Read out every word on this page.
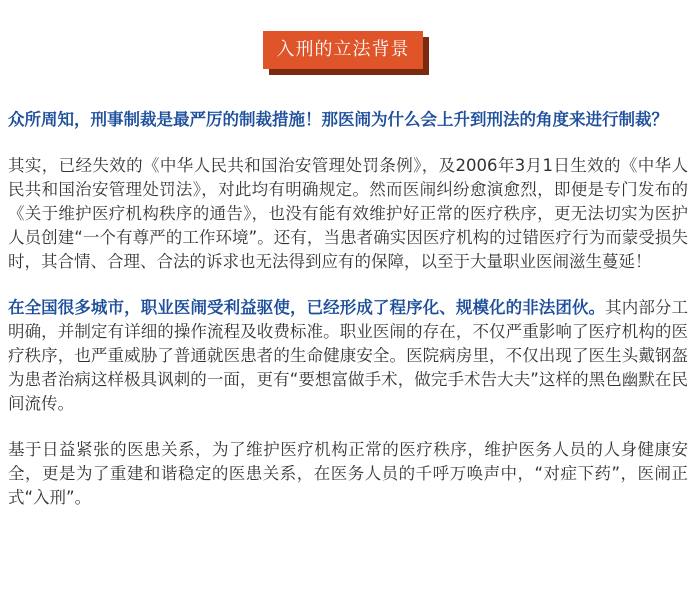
入刑的立法背景

众所周知，刑事制裁是最严厉的制裁措施！那医闹为什么会上升到刑法的角度来进行制裁？

其实，已经失效的《中华人民共和国治安管理处罚条例》，及2006年3月1日生效的《中华人民共和国治安管理处罚法》，对此均有明确规定。然而医闹纠纷愈演愈烈，即便是专门发布的《关于维护医疗机构秩序的通告》，也没有能有效维护好正常的医疗秩序，更无法切实为医护人员创建“一个有尊严的工作环境”。还有，当患者确实因医疗机构的过错医疗行为而蒙受损失时，其合情、合理、合法的诉求也无法得到应有的保障，以至于大量职业医闹滋生蔓延！

在全国很多城市，职业医闹受利益驱使，已经形成了程序化、规模化的非法团伙。其内部分工明确，并制定有详细的操作流程及收费标准。职业医闹的存在，不仅严重影响了医疗机构的医疗秩序，也严重威胁了普通就医患者的生命健康安全。医院病房里，不仅出现了医生头戴钢盔为患者治病这样极具讽刺的一面，更有“要想富做手术，做完手术告大夫”这样的黑色幽默在民间流传。

基于日益紧张的医患关系，为了维护医疗机构正常的医疗秩序，维护医务人员的人身健康安全，更是为了重建和谐稳定的医患关系，在医务人员的千呼万唤声中，“对症下药”，医闹正式“入刑”。
